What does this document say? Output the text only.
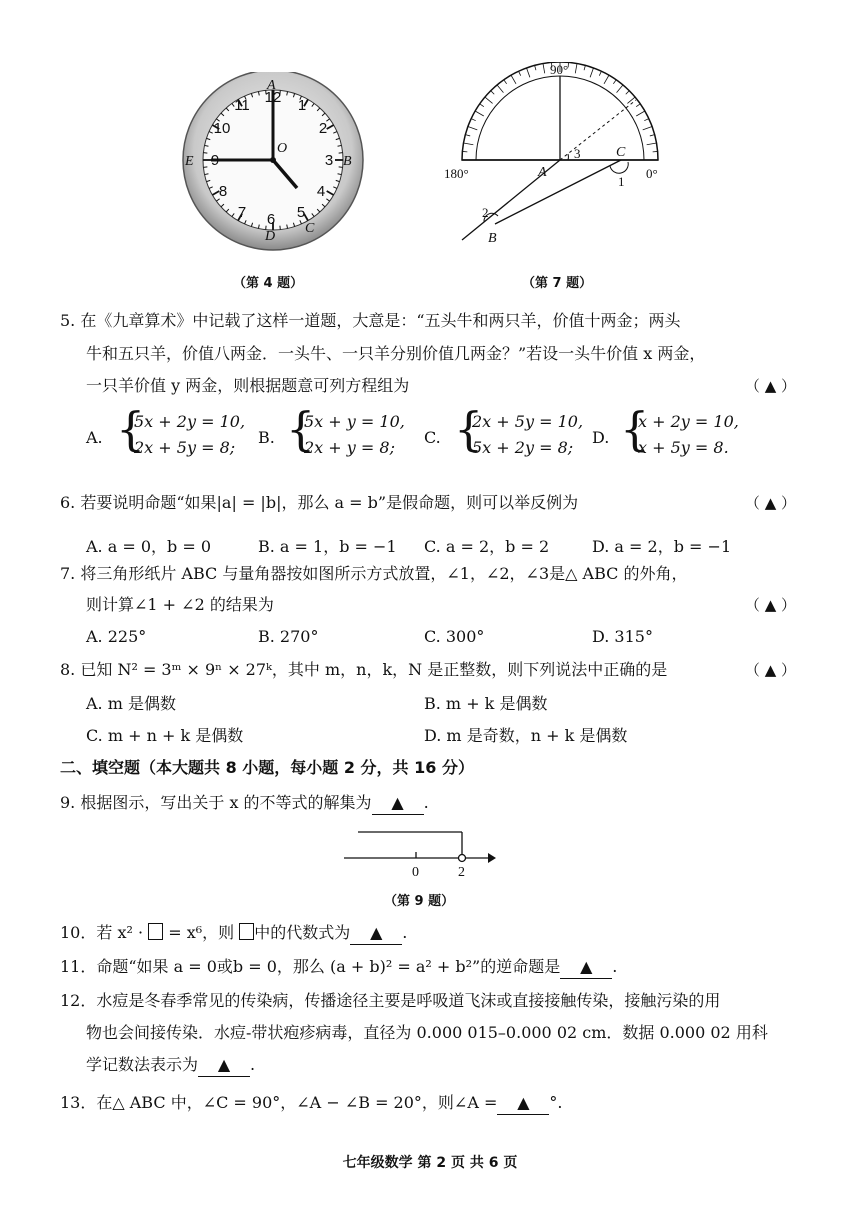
12 1
2
3
4
5
6
7
8
9
10
11
A
O
E	B
C
D
（第 4 题）
90°
180°	0°
3
1
2
A
C
B
（第 7 题）
5. 在《九章算术》中记载了这样一道题，大意是：“五头牛和两只羊，价值十两金；两头
牛和五只羊，价值八两金．一头牛、一只羊分别价值几两金？”若设一头牛价值 x 两金，
一只羊价值 y 两金，则根据题意可列方程组为	（ ▲ ）
A. {
5x + 2y = 10,
2x + 5y = 8;
B. {
5x + y = 10,
2x + y = 8;
C. {
2x + 5y = 10,
5x + 2y = 8;
D. {
x + 2y = 10,
x + 5y = 8.
6. 若要说明命题“如果|a| = |b|，那么 a = b”是假命题，则可以举反例为	（ ▲ ）
A. a = 0，b = 0	B. a = 1，b = −1 C. a = 2，b = 2	D. a = 2，b = −1
7. 将三角形纸片 ABC 与量角器按如图所示方式放置，∠1，∠2，∠3是△ ABC 的外角，
则计算∠1 + ∠2 的结果为	（ ▲ ）
A. 225°	B. 270°	C. 300°	D. 315°
8. 已知 N² = 3ᵐ × 9ⁿ × 27ᵏ，其中 m，n，k，N 是正整数，则下列说法中正确的是	（ ▲ ）
A. m 是偶数	B. m + k 是偶数
C. m + n + k 是偶数	D. m 是奇数，n + k 是偶数
二、填空题（本大题共 8 小题，每小题 2 分，共 16 分）
9. 根据图示，写出关于 x 的不等式的解集为 ▲ .
0	2
（第 9 题）
10．若 x² · = x⁶，则 中的代数式为 ▲ .
11．命题“如果 a = 0或b = 0，那么 (a + b)² = a² + b²”的逆命题是 ▲ .
12．水痘是冬春季常见的传染病，传播途径主要是呼吸道飞沫或直接接触传染，接触污染的用
物也会间接传染．水痘-带状疱疹病毒，直径为 0.000 015–0.000 02 cm．数据 0.000 02 用科
学记数法表示为 ▲ .
13．在△ ABC 中，∠C = 90°，∠A − ∠B = 20°，则∠A = ▲ °.
七年级数学 第 2 页 共 6 页
